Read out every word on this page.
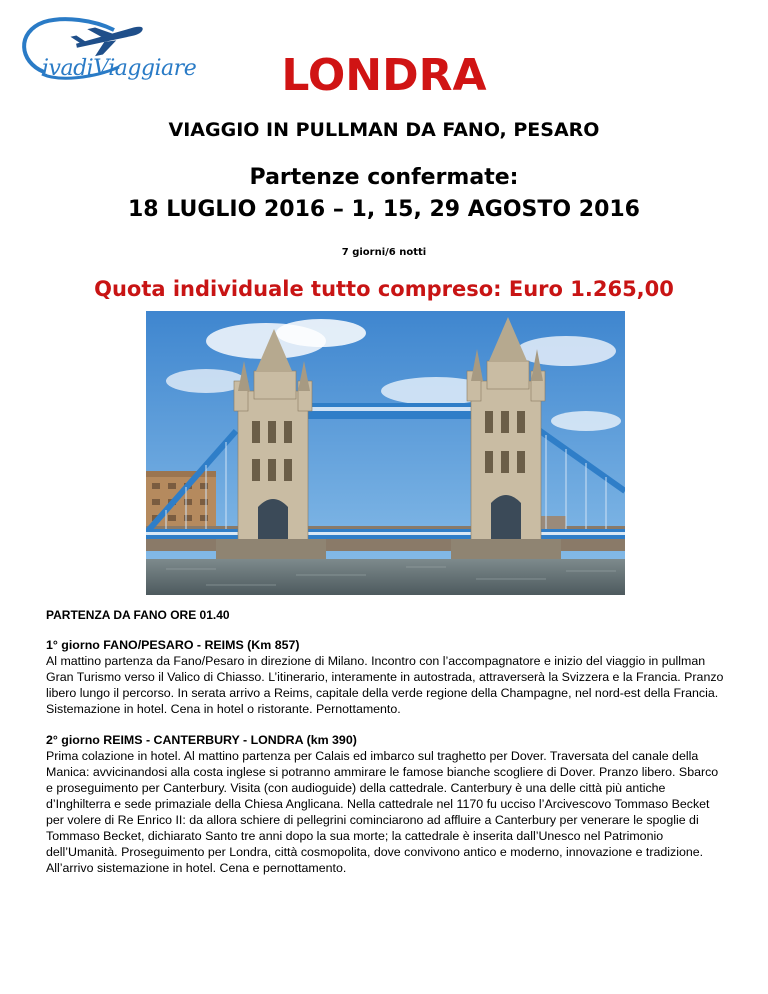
ivadiViaggiare	LONDRA
VIAGGIO IN PULLMAN DA FANO, PESARO
Partenze confermate:
18 LUGLIO 2016 – 1, 15, 29 AGOSTO 2016
7 giorni/6 notti
Quota individuale tutto compreso: Euro 1.265,00
PARTENZA DA FANO ORE 01.40
1° giorno FANO/PESARO - REIMS (Km 857)

Al mattino partenza da Fano/Pesaro in direzione di Milano. Incontro con l’accompagnatore e inizio del viaggio in pullman Gran Turismo verso il Valico di Chiasso. L’itinerario, interamente in autostrada, attraverserà la Svizzera e la Francia. Pranzo libero lungo il percorso. In serata arrivo a Reims, capitale della verde regione della Champagne, nel nord-est della Francia. Sistemazione in hotel. Cena in hotel o ristorante. Pernottamento.

2° giorno REIMS - CANTERBURY - LONDRA (km 390)

Prima colazione in hotel. Al mattino partenza per Calais ed imbarco sul traghetto per Dover. Traversata del canale della Manica: avvicinandosi alla costa inglese si potranno ammirare le famose bianche scogliere di Dover. Pranzo libero. Sbarco e proseguimento per Canterbury. Visita (con audioguide) della cattedrale. Canterbury è una delle città più antiche d’Inghilterra e sede primaziale della Chiesa Anglicana. Nella cattedrale nel 1170 fu ucciso l’Arcivescovo Tommaso Becket per volere di Re Enrico II: da allora schiere di pellegrini cominciarono ad affluire a Canterbury per venerare le spoglie di Tommaso Becket, dichiarato Santo tre anni dopo la sua morte; la cattedrale è inserita dall’Unesco nel Patrimonio dell’Umanità. Proseguimento per Londra, città cosmopolita, dove convivono antico e moderno, innovazione e tradizione. All’arrivo sistemazione in hotel. Cena e pernottamento.
